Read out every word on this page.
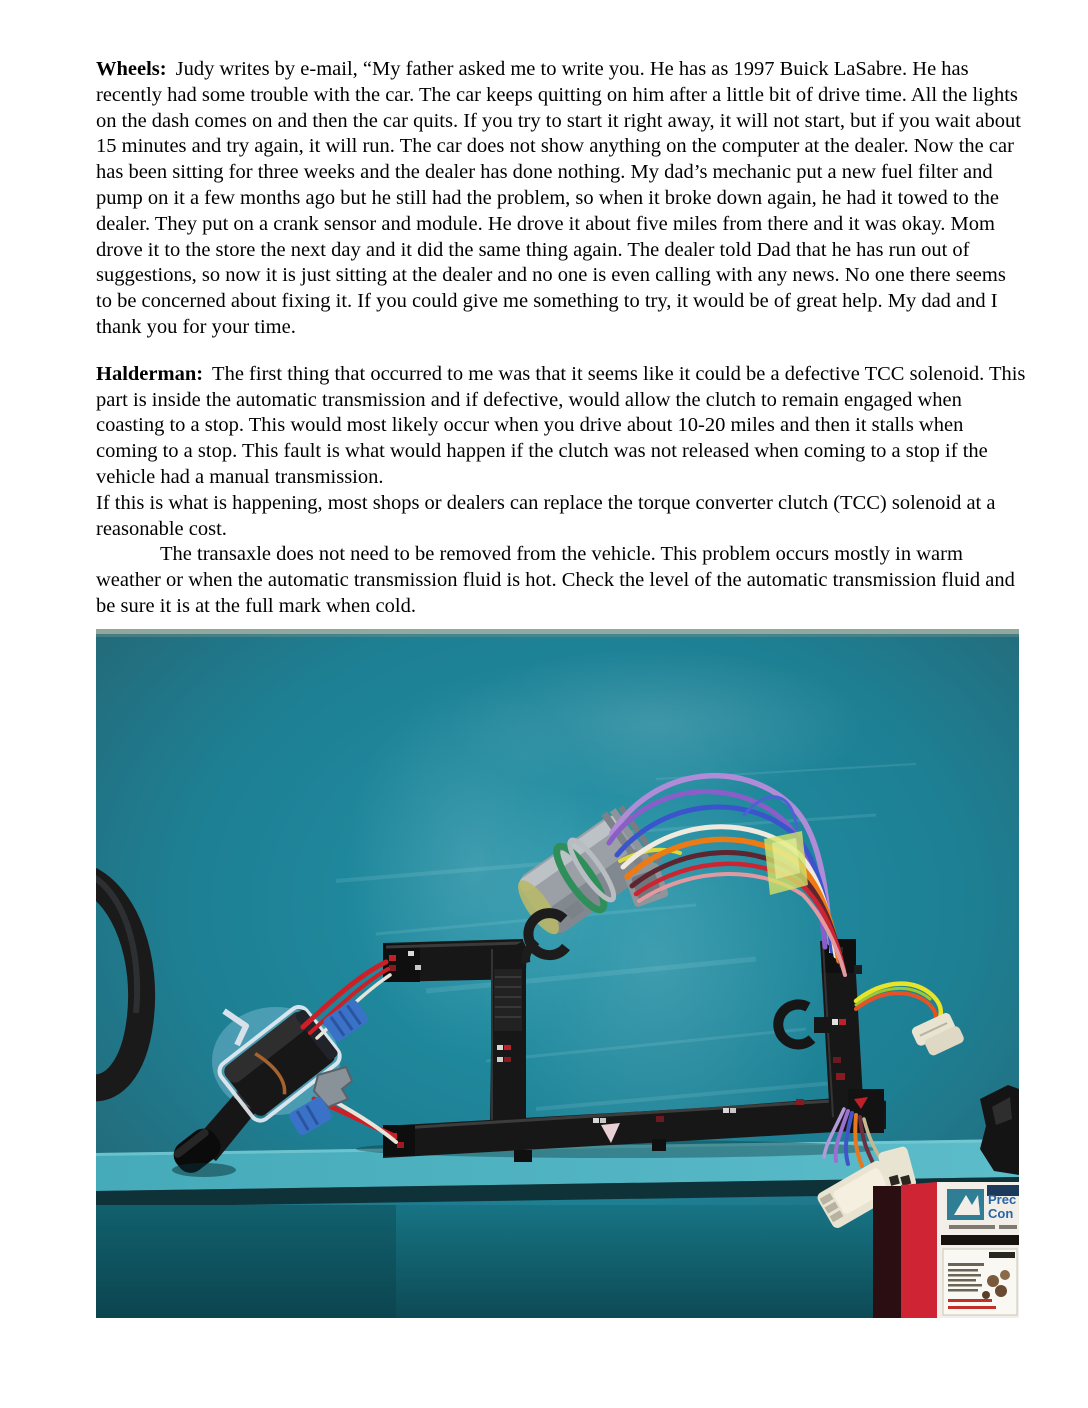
Wheels: Judy writes by e-mail, “My father asked me to write you. He has as 1997 Buick LaSabre. He has recently had some trouble with the car. The car keeps quitting on him after a little bit of drive time. All the lights on the dash comes on and then the car quits. If you try to start it right away, it will not start, but if you wait about 15 minutes and try again, it will run. The car does not show anything on the computer at the dealer. Now the car has been sitting for three weeks and the dealer has done nothing. My dad’s mechanic put a new fuel filter and pump on it a few months ago but he still had the problem, so when it broke down again, he had it towed to the dealer. They put on a crank sensor and module. He drove it about five miles from there and it was okay. Mom drove it to the store the next day and it did the same thing again. The dealer told Dad that he has run out of suggestions, so now it is just sitting at the dealer and no one is even calling with any news. No one there seems to be concerned about fixing it. If you could give me something to try, it would be of great help. My dad and I thank you for your time.

Halderman: The first thing that occurred to me was that it seems like it could be a defective TCC solenoid. This part is inside the automatic transmission and if defective, would allow the clutch to remain engaged when coasting to a stop. This would most likely occur when you drive about 10-20 miles and then it stalls when coming to a stop. This fault is what would happen if the clutch was not released when coming to a stop if the vehicle had a manual transmission.

If this is what is happening, most shops or dealers can replace the torque converter clutch (TCC) solenoid at a reasonable cost.

The transaxle does not need to be removed from the vehicle. This problem occurs mostly in warm weather or when the automatic transmission fluid is hot. Check the level of the automatic transmission fluid and be sure it is at the full mark when cold.

Prec
Con
